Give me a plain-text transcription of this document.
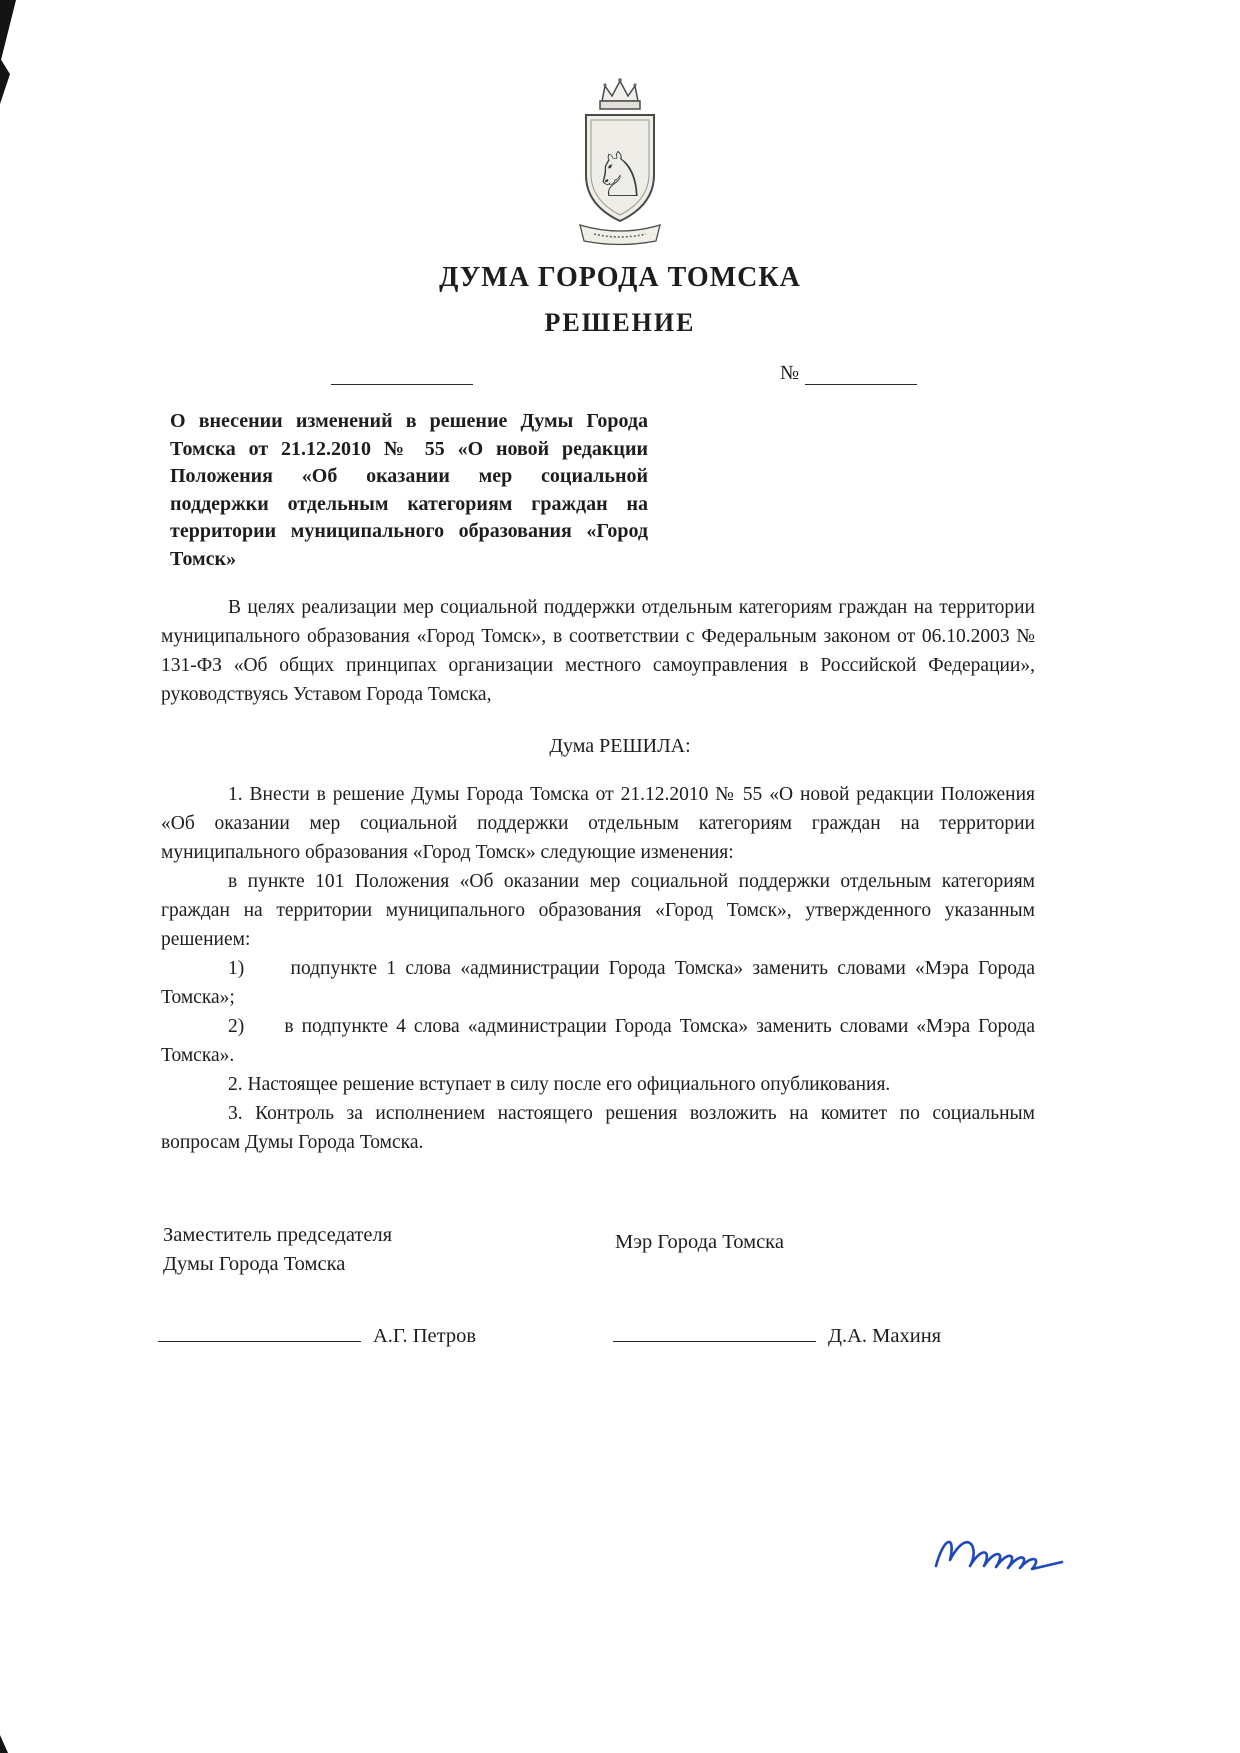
♘
ДУМА ГОРОДА ТОМСКА
РЕШЕНИЕ
№
О внесении изменений в решение Думы Города Томска от 21.12.2010 № 55 «О новой редакции Положения «Об оказании мер социальной поддержки отдельным категориям граждан на территории муниципального образования «Город Томск»

В целях реализации мер социальной поддержки отдельным категориям граждан на территории муниципального образования «Город Томск», в соответствии с Федеральным законом от 06.10.2003 № 131-ФЗ «Об общих принципах организации местного самоуправления в Российской Федерации», руководствуясь Уставом Города Томска,

Дума РЕШИЛА:

1. Внести в решение Думы Города Томска от 21.12.2010 № 55 «О новой редакции Положения «Об оказании мер социальной поддержки отдельным категориям граждан на территории муниципального образования «Город Томск» следующие изменения:

в пункте 101 Положения «Об оказании мер социальной поддержки отдельным категориям граждан на территории муниципального образования «Город Томск», утвержденного указанным решением:

1)     подпункте 1 слова «администрации Города Томска» заменить словами «Мэра Города Томска»;

2)     в подпункте 4 слова «администрации Города Томска» заменить словами «Мэра Города Томска».

2. Настоящее решение вступает в силу после его официального опубликования.

3. Контроль за исполнением настоящего решения возложить на комитет по социальным вопросам Думы Города Томска.

Заместитель председателя
Думы Города Томска
Мэр Города Томска
А.Г. Петров	Д.А. Махиня
